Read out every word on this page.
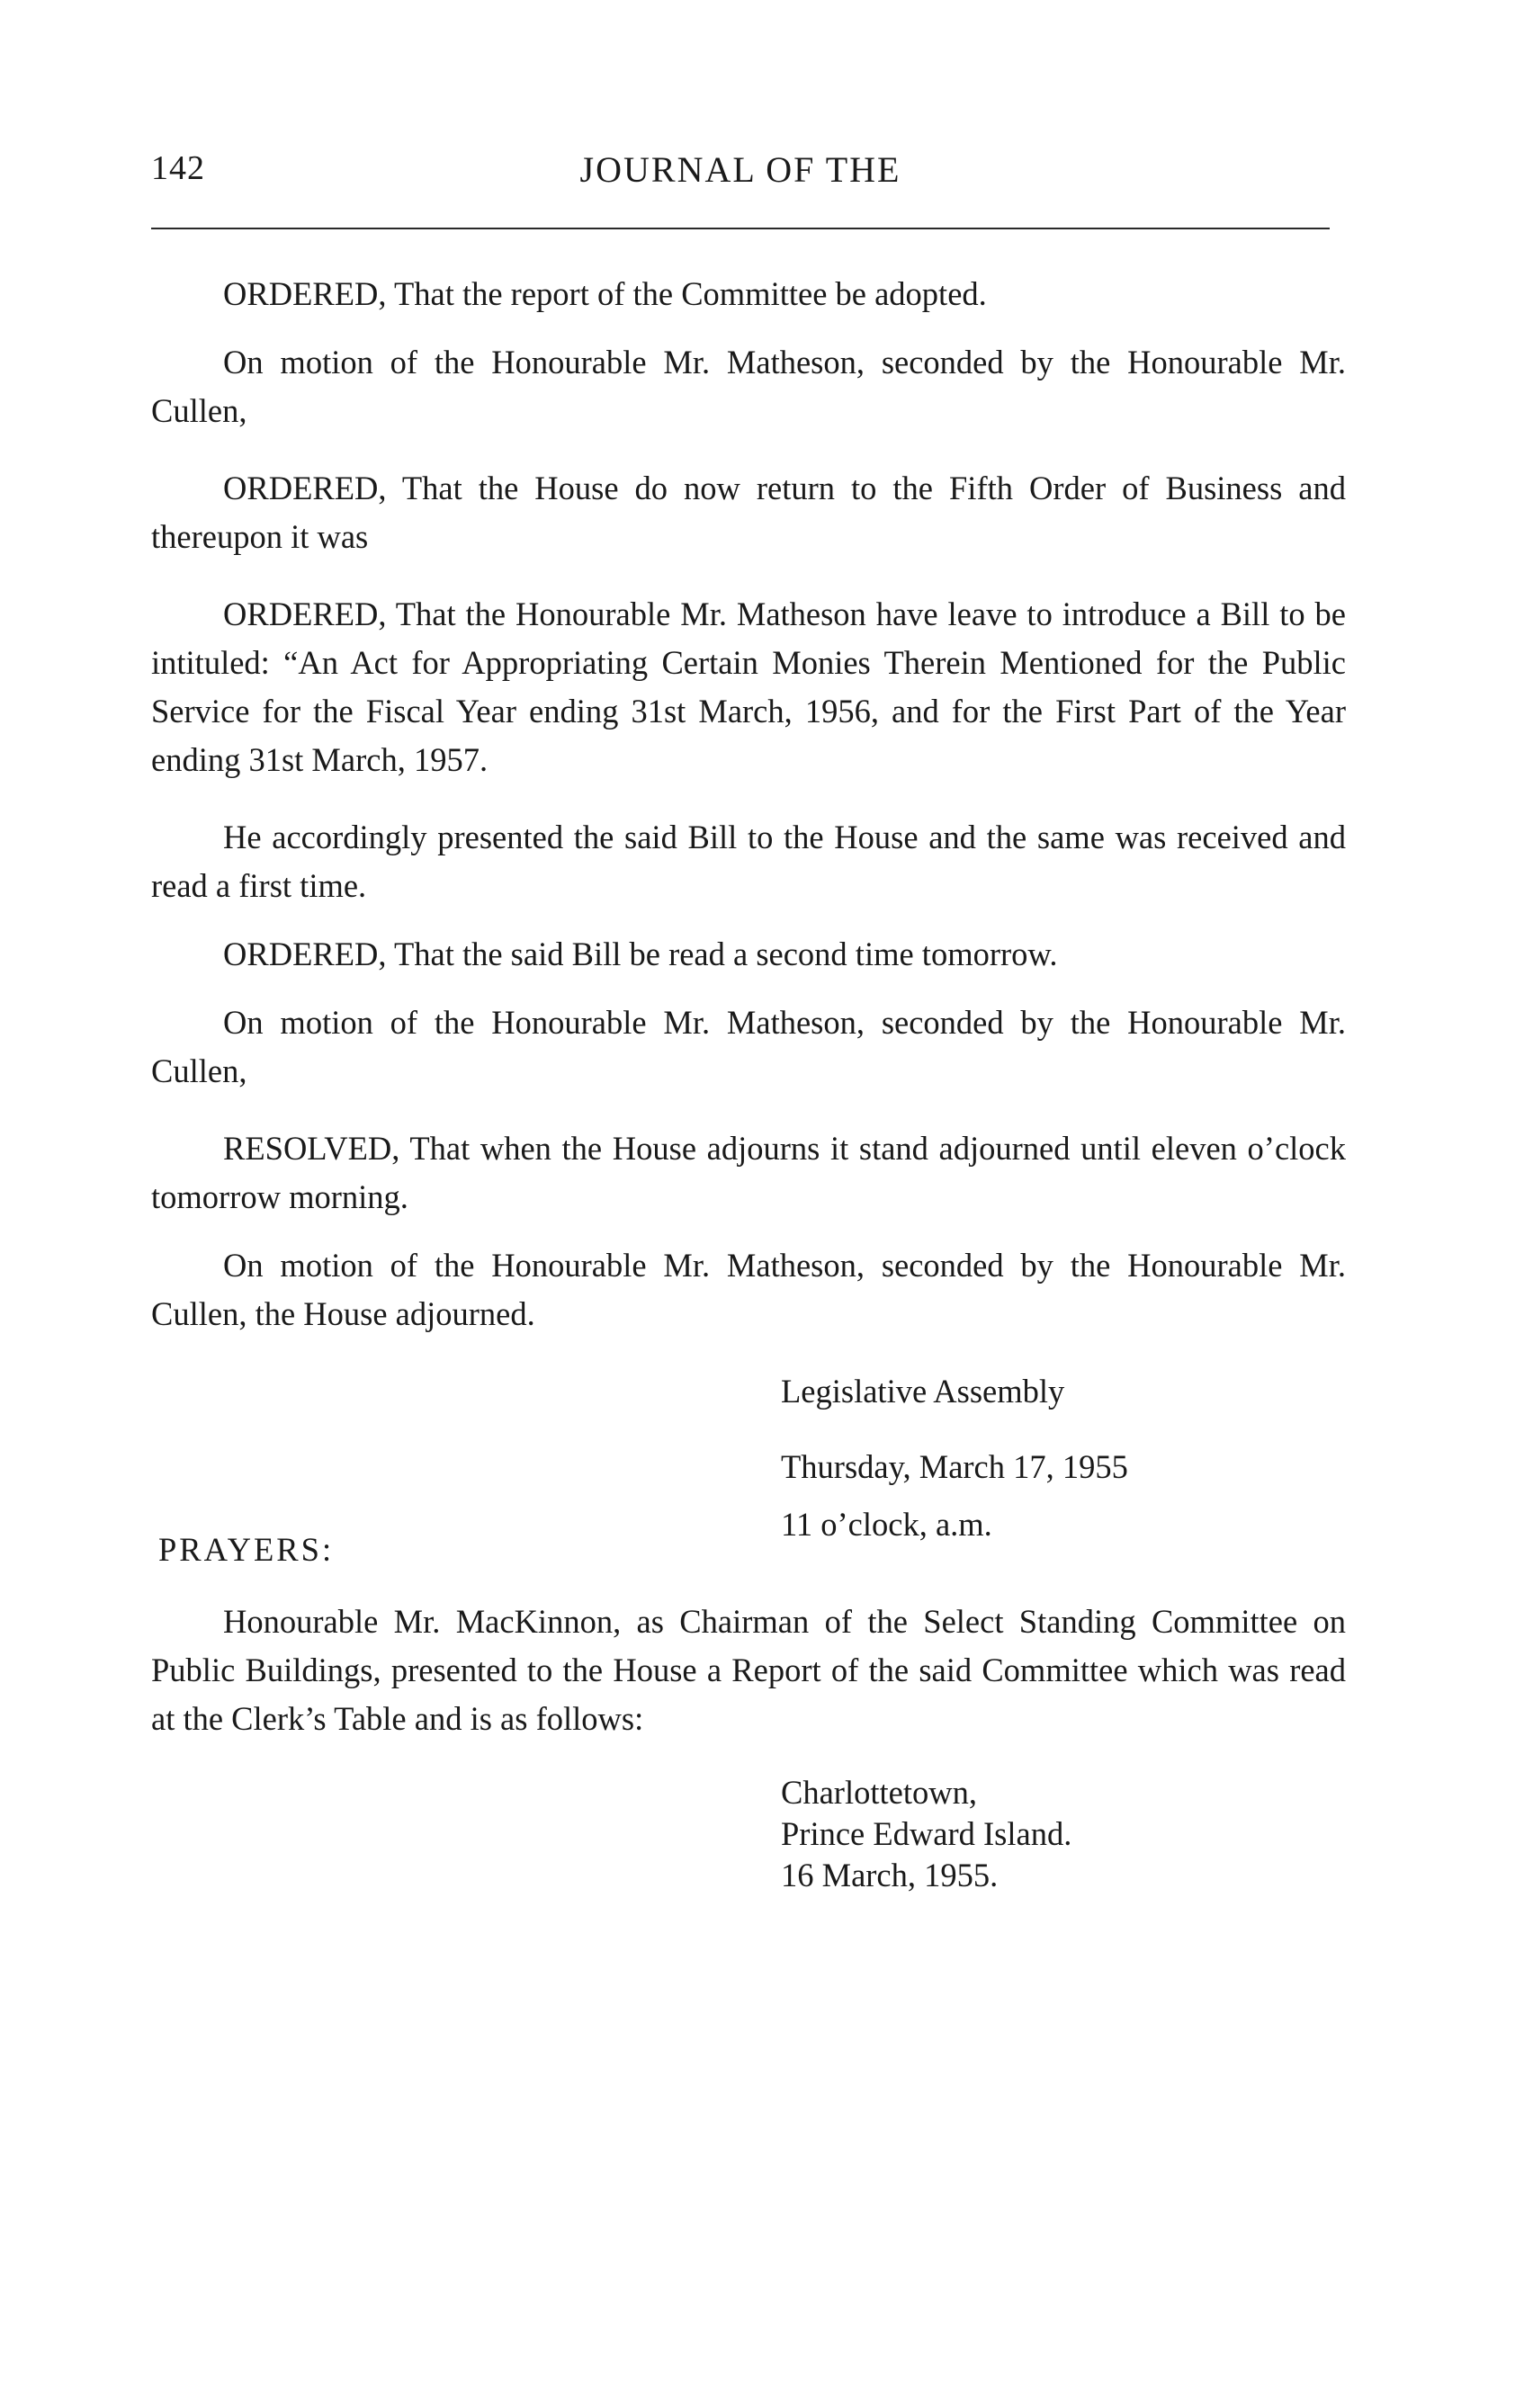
142	JOURNAL OF THE

ORDERED, That the report of the Committee be adopted.

On motion of the Honourable Mr. Matheson, seconded by the Honourable Mr. Cullen,

ORDERED, That the House do now return to the Fifth Order of Business and thereupon it was

ORDERED, That the Honourable Mr. Matheson have leave to introduce a Bill to be intituled: “An Act for Appropriating Certain Monies Therein Mentioned for the Public Service for the Fiscal Year ending 31st March, 1956, and for the First Part of the Year ending 31st March, 1957.

He accordingly presented the said Bill to the House and the same was received and read a first time.

ORDERED, That the said Bill be read a second time tomorrow.

On motion of the Honourable Mr. Matheson, seconded by the Honourable Mr. Cullen,

RESOLVED, That when the House adjourns it stand adjourned until eleven o’clock tomorrow morning.

On motion of the Honourable Mr. Matheson, seconded by the Honourable Mr. Cullen, the House adjourned.

Legislative Assembly
Thursday, March 17, 1955
11 o’clock, a.m.
PRAYERS:

Honourable Mr. MacKinnon, as Chairman of the Select Standing Committee on Public Buildings, presented to the House a Report of the said Committee which was read at the Clerk’s Table and is as follows:

Charlottetown,
Prince Edward Island.
16 March, 1955.
